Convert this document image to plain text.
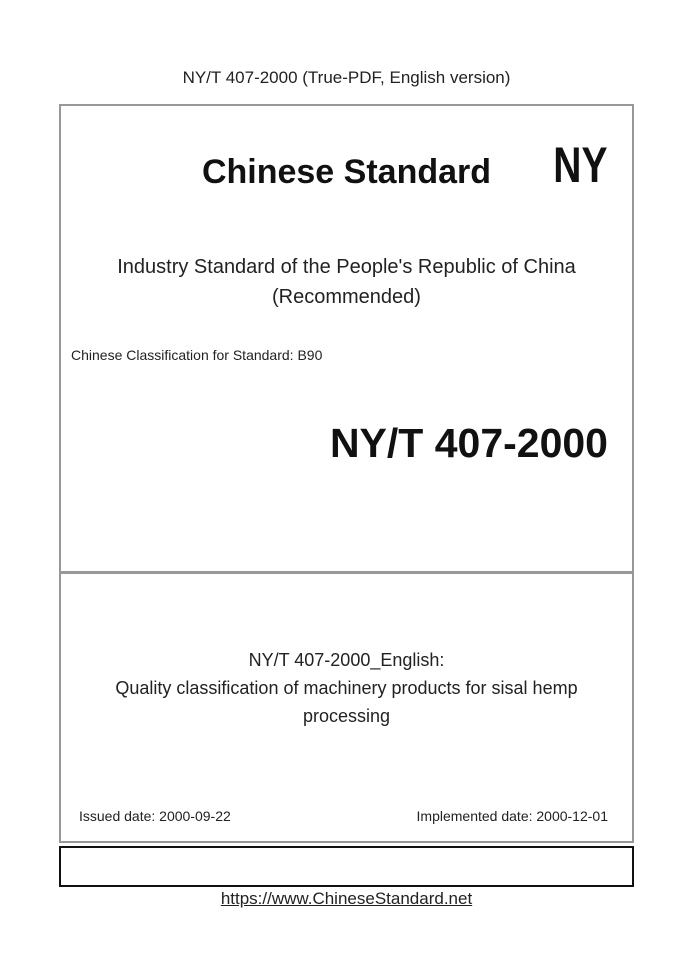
NY/T 407-2000 (True-PDF, English version)
Chinese Standard	NY
Industry Standard of the People's Republic of China
(Recommended)
Chinese Classification for Standard: B90
NY/T 407-2000
NY/T 407-2000_English:
Quality classification of machinery products for sisal hemp
processing
Issued date: 2000-09-22	Implemented date: 2000-12-01
https://www.ChineseStandard.net
